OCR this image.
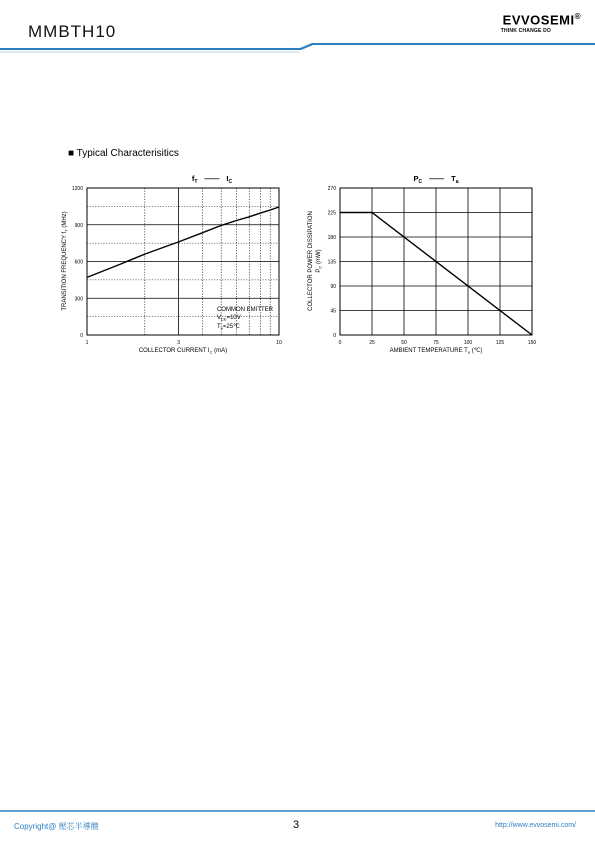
MMBTH10
EVVOSEMI®
THINK CHANGE DO
■ Typical Characterisitics
$f_T$ —— $I_C$
0
300
600
900
1200
1	3	10
COMMON EMITTER
$V_{CE}=10V$
$T_a=25℃$
COLLECTOR CURRENT $I_C$ (mA)
TRANSITION FREQUENCY $f_T$ (MHz)
$P_C$ —— $T_a$
0
45
90
135
180
225
270
0	25	50	75	100	125	150
AMBIENT TEMPERATURE $T_a$ (℃)
COLLECTOR POWER DISSIPATION $P_C$ (mW)
Copyright@ 壓芯半導體	3	http://www.evvosemi.com/
